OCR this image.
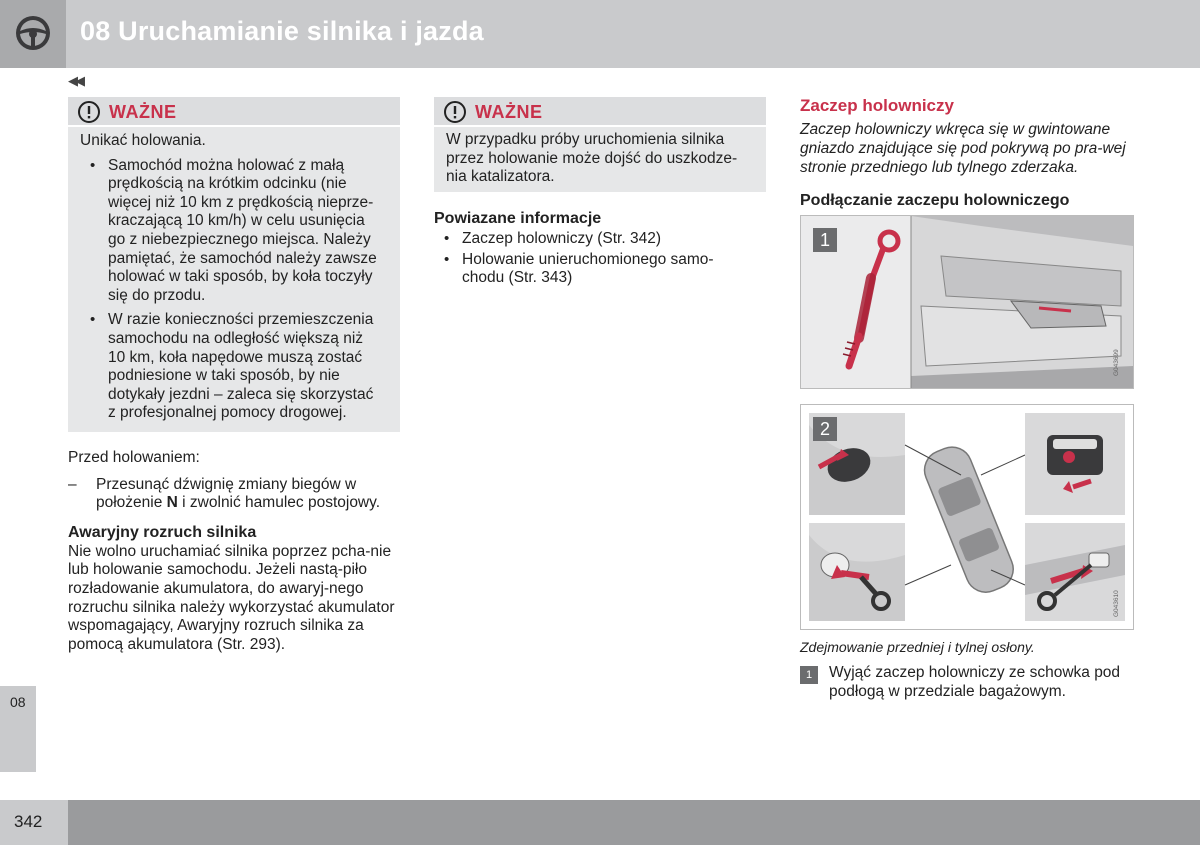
08 Uruchamianie silnika i jazda
◀◀
WAŻNE
Unikać holowania.
• Samochód można holować z małą prędkością na krótkim odcinku (nie więcej niż 10 km z prędkością nieprze-kraczającą 10 km/h) w celu usunięcia go z niebezpiecznego miejsca. Należy pamiętać, że samochód należy zawsze holować w taki sposób, by koła toczyły się do przodu.
• W razie konieczności przemieszczenia samochodu na odległość większą niż 10 km, koła napędowe muszą zostać podniesione w taki sposób, by nie dotykały jezdni – zaleca się skorzystać z profesjonalnej pomocy drogowej.
Przed holowaniem:
– Przesunąć dźwignię zmiany biegów w położenie N i zwolnić hamulec postojowy.
Awaryjny rozruch silnika
Nie wolno uruchamiać silnika poprzez pcha-nie lub holowanie samochodu. Jeżeli nastą-piło rozładowanie akumulatora, do awaryj-nego rozruchu silnika należy wykorzystać akumulator wspomagający, Awaryjny rozruch silnika za pomocą akumulatora (Str. 293).
WAŻNE
W przypadku próby uruchomienia silnika przez holowanie może dojść do uszkodze-nia katalizatora.
Powiazane informacje
• Zaczep holowniczy (Str. 342)
• Holowanie unieruchomionego samo-chodu (Str. 343)
Zaczep holowniczy
Zaczep holowniczy wkręca się w gwintowane gniazdo znajdujące się pod pokrywą po pra-wej stronie przedniego lub tylnego zderzaka.
Podłączanie zaczepu holowniczego
1
G043699
2
G043610
Zdejmowanie przedniej i tylnej osłony.
1	Wyjąć zaczep holowniczy ze schowka pod podłogą w przedziale bagażowym.
08
342
